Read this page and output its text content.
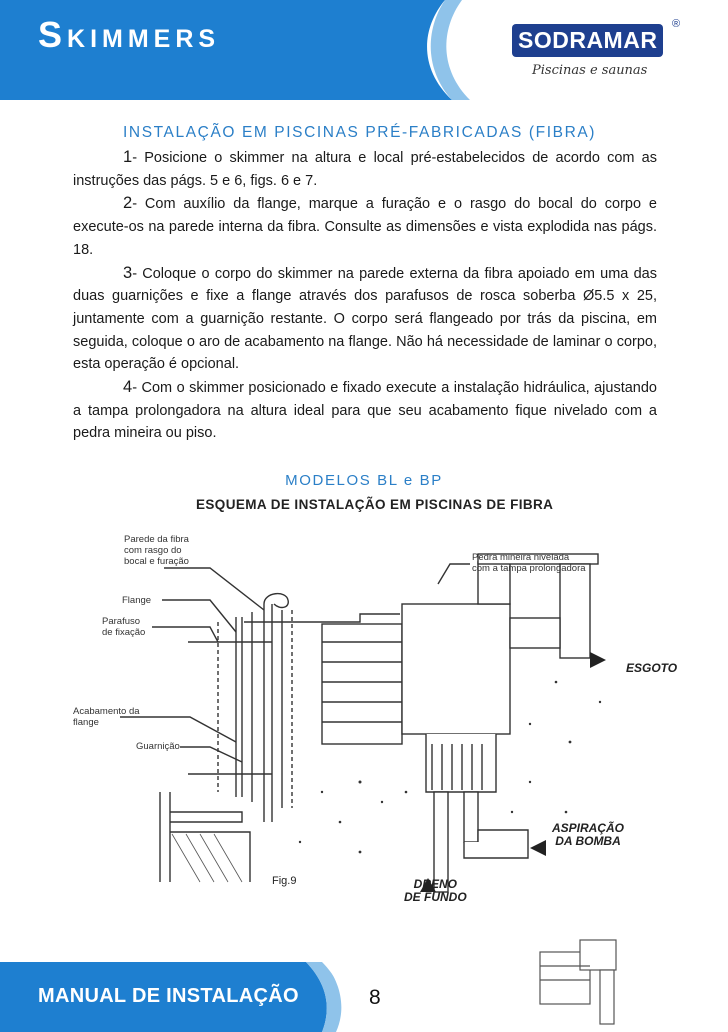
Skimmers	SODRAMAR
®
Piscinas e saunas
INSTALAÇÃO EM PISCINAS PRÉ-FABRICADAS (FIBRA)

1- Posicione o skimmer na altura e local pré-estabelecidos de acordo com as instruções das págs. 5 e 6, figs. 6 e 7.

2- Com auxílio da flange, marque a furação e o rasgo do bocal do corpo e execute-os na parede interna da fibra. Consulte as dimensões e vista explodida nas págs. 18.

3- Coloque o corpo do skimmer na parede externa da fibra apoiado em uma das duas guarnições e fixe a flange através dos parafusos de rosca soberba Ø5.5 x 25, juntamente com a guarnição restante. O corpo será flangeado por trás da piscina, em seguida, coloque o aro de acabamento na flange. Não há necessidade de laminar o corpo, esta operação é opcional.

4- Com o skimmer posicionado e fixado execute a instalação hidráulica, ajustando a tampa prolongadora na altura ideal para que seu acabamento fique nivelado com a pedra mineira ou piso.

MODELOS BL e BP
ESQUEMA DE INSTALAÇÃO EM PISCINAS DE FIBRA
Parede da fibra
com rasgo do
bocal e furação
Flange
Parafuso
de fixação
Acabamento da
flange
Guarnição
Pedra mineira nivelada
com a tampa prolongadora
ESGOTO
ASPIRAÇÃO
DA BOMBA
DRENO
DE FUNDO
Fig.9
MANUAL DE INSTALAÇÃO	8
